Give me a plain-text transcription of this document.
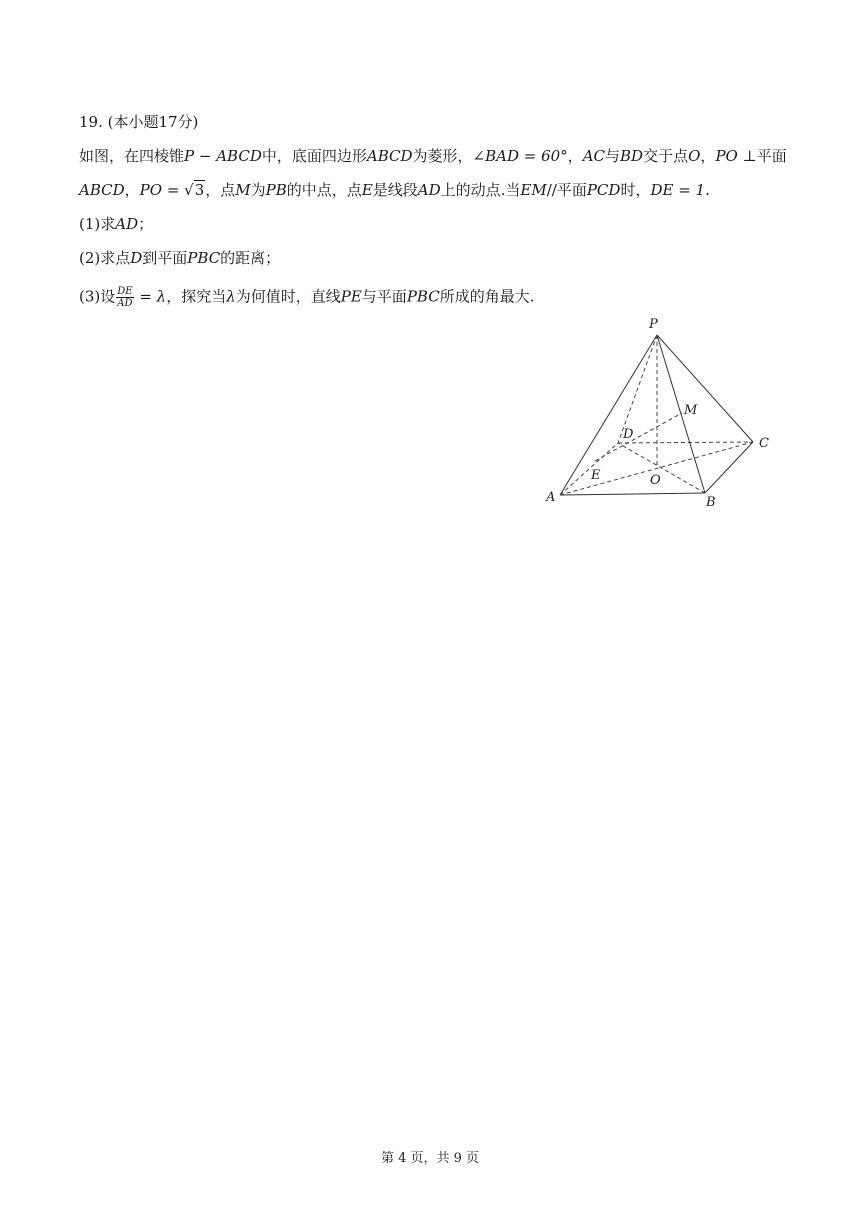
19. (本小题17分)
如图，在四棱锥P − ABCD中，底面四边形ABCD为菱形，∠BAD = 60°，AC与BD交于点O，PO ⊥平面
ABCD，PO = √3，点M为PB的中点，点E是线段AD上的动点.当EM//平面PCD时，DE = 1.
(1)求AD；
(2)求点D到平面PBC的距离；
(3)设 $\frac{DE}{AD} = \lambda$，探究当λ为何值时，直线PE与平面PBC所成的角最大.
P
M
D
C
E	O
A	B
第 4 页，共 9 页
